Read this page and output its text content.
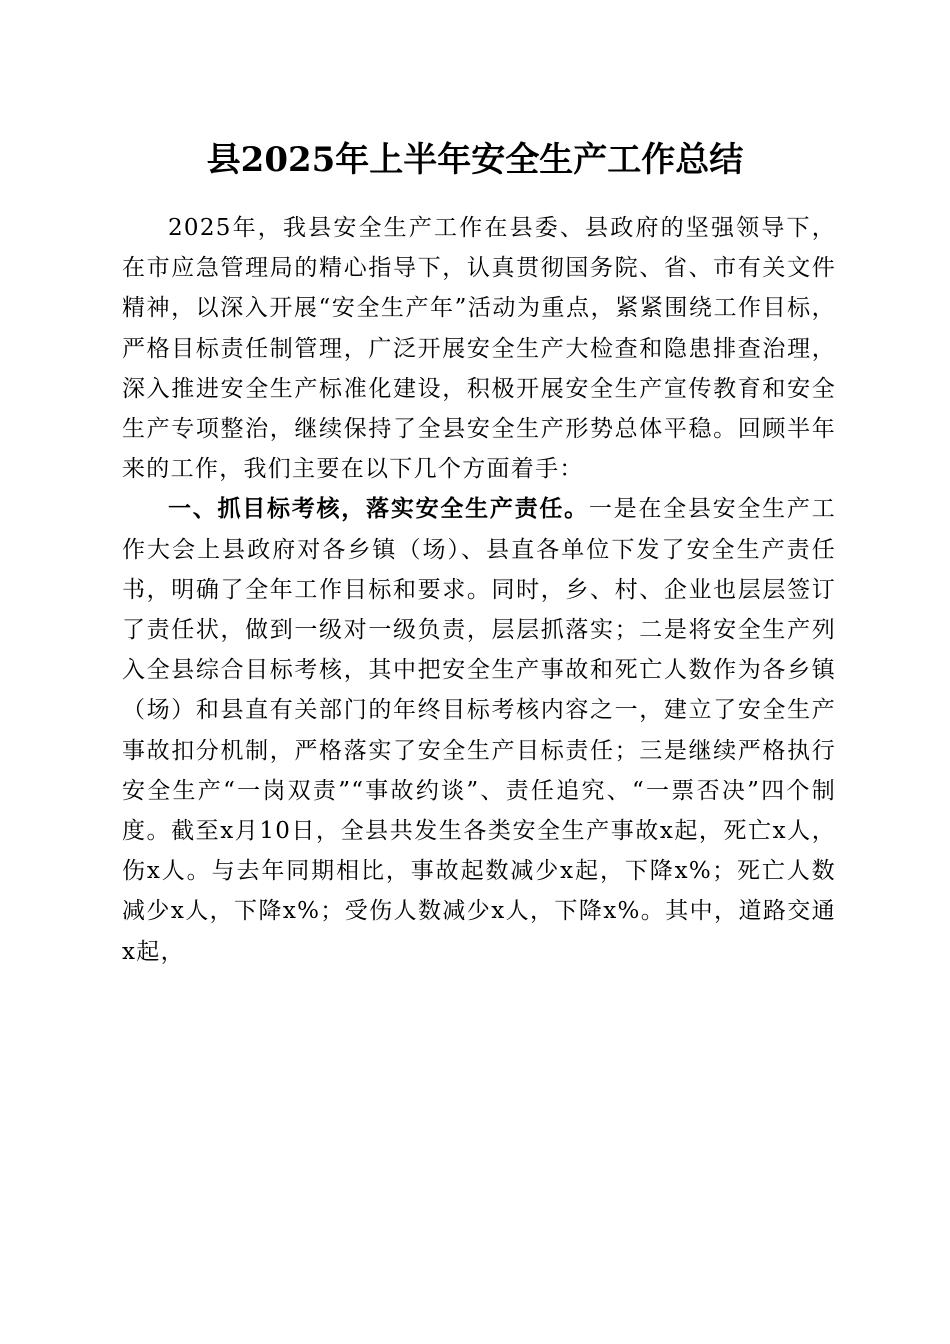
县2025年上半年安全生产工作总结

2025年，我县安全生产工作在县委、县政府的坚强领导下，在市应急管理局的精心指导下，认真贯彻国务院、省、市有关文件精神，以深入开展“安全生产年”活动为重点，紧紧围绕工作目标，严格目标责任制管理，广泛开展安全生产大检查和隐患排查治理，深入推进安全生产标准化建设，积极开展安全生产宣传教育和安全生产专项整治，继续保持了全县安全生产形势总体平稳。回顾半年来的工作，我们主要在以下几个方面着手：

一、抓目标考核，落实安全生产责任。一是在全县安全生产工作大会上县政府对各乡镇（场）、县直各单位下发了安全生产责任书，明确了全年工作目标和要求。同时，乡、村、企业也层层签订了责任状，做到一级对一级负责，层层抓落实；二是将安全生产列入全县综合目标考核，其中把安全生产事故和死亡人数作为各乡镇（场）和县直有关部门的年终目标考核内容之一，建立了安全生产事故扣分机制，严格落实了安全生产目标责任；三是继续严格执行安全生产“一岗双责”“事故约谈”、责任追究、“一票否决”四个制度。截至x月10日，全县共发生各类安全生产事故x起，死亡x人，伤x人。与去年同期相比，事故起数减少x起，下降x%；死亡人数减少x人，下降x%；受伤人数减少x人，下降x%。其中，道路交通x起，
